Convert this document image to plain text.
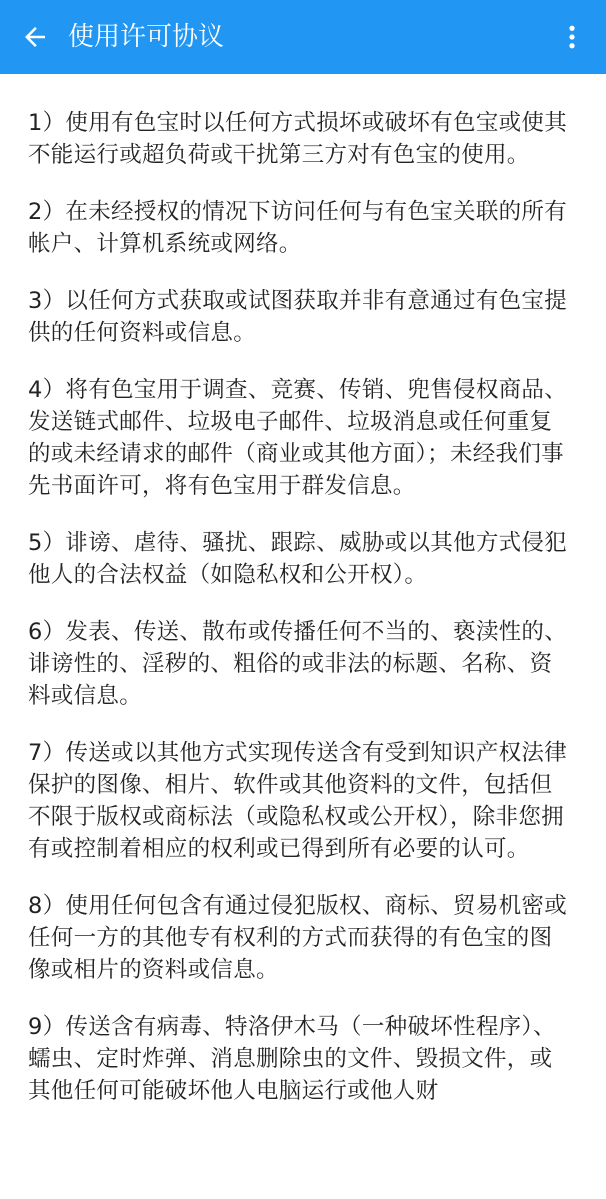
使用许可协议

1）使用有色宝时以任何方式损坏或破坏有色宝或使其不能运行或超负荷或干扰第三方对有色宝的使用。

2）在未经授权的情况下访问任何与有色宝关联的所有帐户、计算机系统或网络。

3）以任何方式获取或试图获取并非有意通过有色宝提供的任何资料或信息。

4）将有色宝用于调查、竞赛、传销、兜售侵权商品、发送链式邮件、垃圾电子邮件、垃圾消息或任何重复的或未经请求的邮件（商业或其他方面）；未经我们事先书面许可，将有色宝用于群发信息。

5）诽谤、虐待、骚扰、跟踪、威胁或以其他方式侵犯他人的合法权益（如隐私权和公开权）。

6）发表、传送、散布或传播任何不当的、亵渎性的、诽谤性的、淫秽的、粗俗的或非法的标题、名称、资料或信息。

7）传送或以其他方式实现传送含有受到知识产权法律保护的图像、相片、软件或其他资料的文件，包括但不限于版权或商标法（或隐私权或公开权），除非您拥有或控制着相应的权利或已得到所有必要的认可。

8）使用任何包含有通过侵犯版权、商标、贸易机密或任何一方的其他专有权利的方式而获得的有色宝的图像或相片的资料或信息。

9）传送含有病毒、特洛伊木马（一种破坏性程序）、蠕虫、定时炸弹、消息删除虫的文件、毁损文件，或其他任何可能破坏他人电脑运行或他人财
